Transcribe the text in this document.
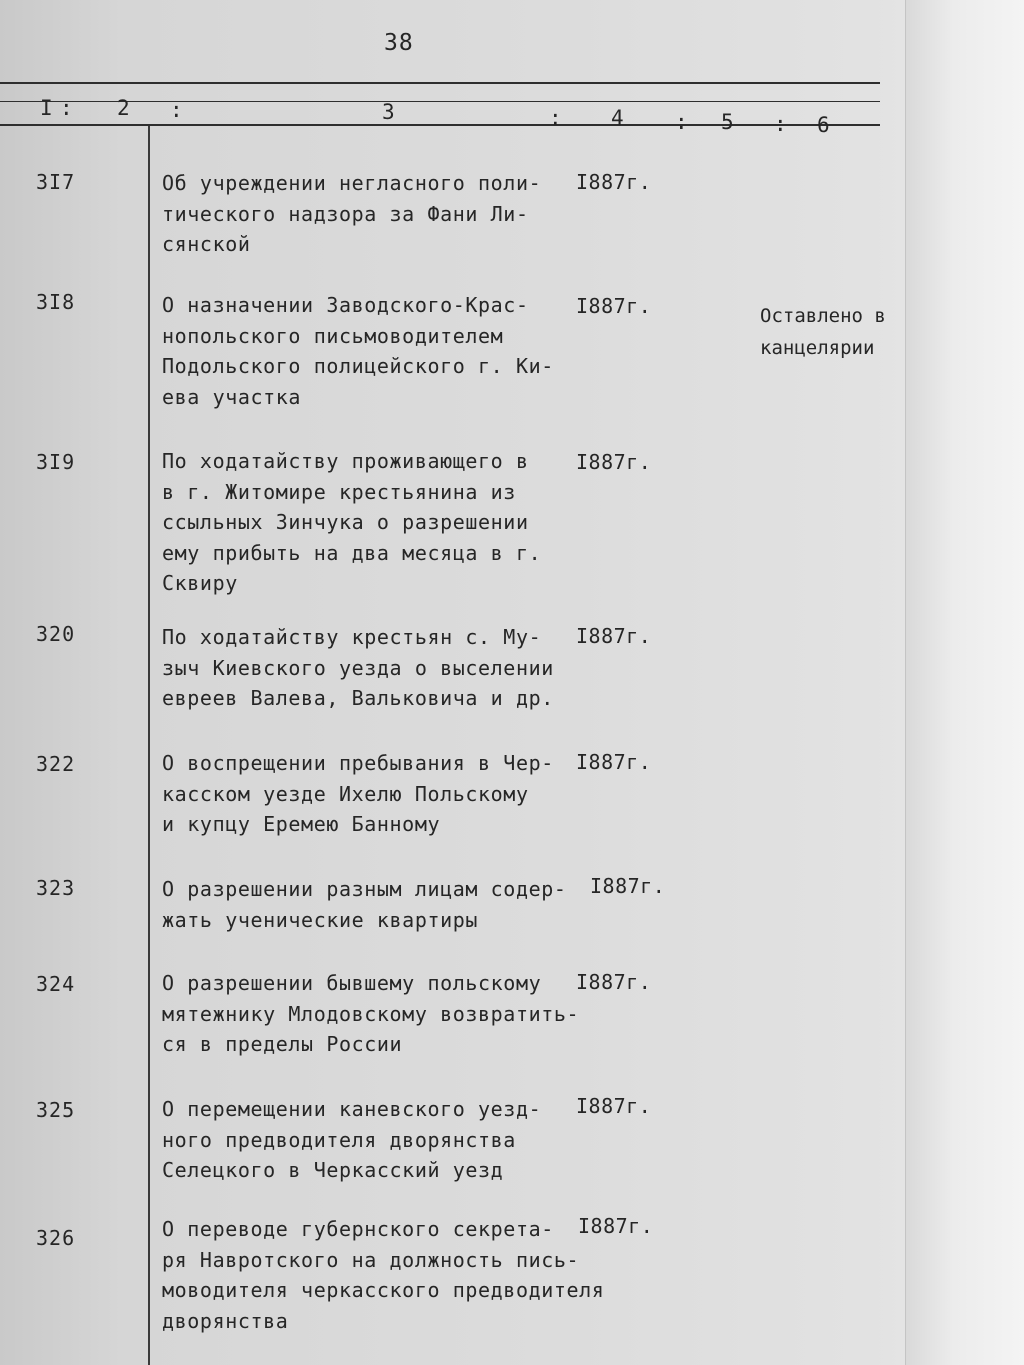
38
I : 2 :	3	: 4 : 5 : 6
3I7	Об учреждении негласного поли-
тического надзора за Фани Ли-
сянской
I887г.
3I8	О назначении Заводского-Крас-
нопольского письмоводителем
Подольского полицейского г. Ки-
ева участка
I887г.	Оставлено в
канцелярии
3I9	По ходатайству проживающего в
в г. Житомире крестьянина из
ссыльных Зинчука о разрешении
ему прибыть на два месяца в г.
Сквиру
I887г.
320	По ходатайству крестьян с. Му-
зыч Киевского уезда о выселении
евреев Валева, Вальковича и др.
I887г.
322	О воспрещении пребывания в Чер-
касском уезде Ихелю Польскому
и купцу Еремею Банному
I887г.
323	О разрешении разным лицам содер-
жать ученические квартиры
I887г.
324	О разрешении бывшему польскому
мятежнику Млодовскому возвратить-
ся в пределы России
I887г.
325	О перемещении каневского уезд-
ного предводителя дворянства
Селецкого в Черкасский уезд
I887г.
326	О переводе губернского секрета-
ря Навротского на должность пись-
моводителя черкасского предводителя
дворянства
I887г.
